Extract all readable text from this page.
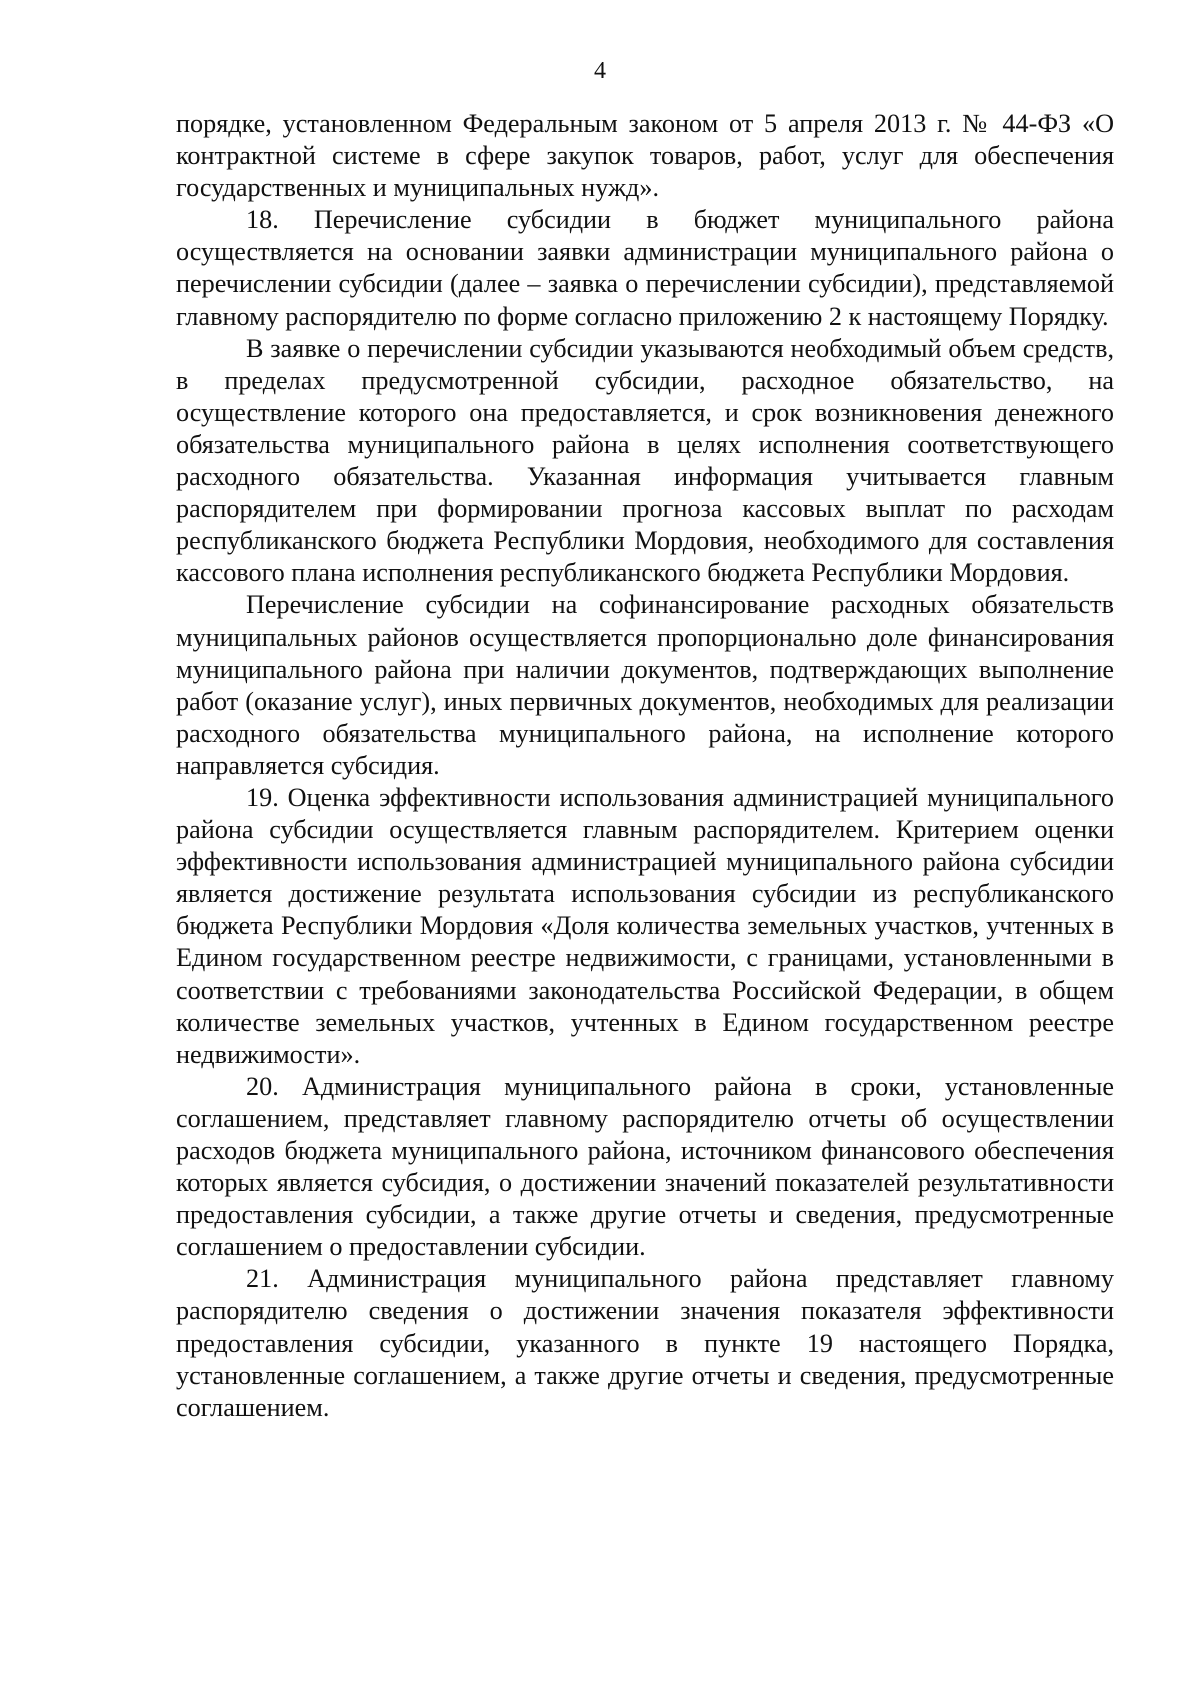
4

порядке, установленном Федеральным законом от 5 апреля 2013 г. № 44-ФЗ «О контрактной системе в сфере закупок товаров, работ, услуг для обеспечения государственных и муниципальных нужд».

18. Перечисление субсидии в бюджет муниципального района осуществляется на основании заявки администрации муниципального района о перечислении субсидии (далее – заявка о перечислении субсидии), представляемой главному распорядителю по форме согласно приложению 2 к настоящему Порядку.

В заявке о перечислении субсидии указываются необходимый объем средств, в пределах предусмотренной субсидии, расходное обязательство, на осуществление которого она предоставляется, и срок возникновения денежного обязательства муниципального района в целях исполнения соответствующего расходного обязательства. Указанная информация учитывается главным распорядителем при формировании прогноза кассовых выплат по расходам республиканского бюджета Республики Мордовия, необходимого для составления кассового плана исполнения республиканского бюджета Республики Мордовия.

Перечисление субсидии на софинансирование расходных обязательств муниципальных районов осуществляется пропорционально доле финансирования муниципального района при наличии документов, подтверждающих выполнение работ (оказание услуг), иных первичных документов, необходимых для реализации расходного обязательства муниципального района, на исполнение которого направляется субсидия.

19. Оценка эффективности использования администрацией муниципального района субсидии осуществляется главным распорядителем. Критерием оценки эффективности использования администрацией муниципального района субсидии является достижение результата использования субсидии из республиканского бюджета Республики Мордовия «Доля количества земельных участков, учтенных в Едином государственном реестре недвижимости, с границами, установленными в соответствии с требованиями законодательства Российской Федерации, в общем количестве земельных участков, учтенных в Едином государственном реестре недвижимости».

20. Администрация муниципального района в сроки, установленные соглашением, представляет главному распорядителю отчеты об осуществлении расходов бюджета муниципального района, источником финансового обеспечения которых является субсидия, о достижении значений показателей результативности предоставления субсидии, а также другие отчеты и сведения, предусмотренные соглашением о предоставлении субсидии.

21. Администрация муниципального района представляет главному распорядителю сведения о достижении значения показателя эффективности предоставления субсидии, указанного в пункте 19 настоящего Порядка, установленные соглашением, а также другие отчеты и сведения, предусмотренные соглашением.
